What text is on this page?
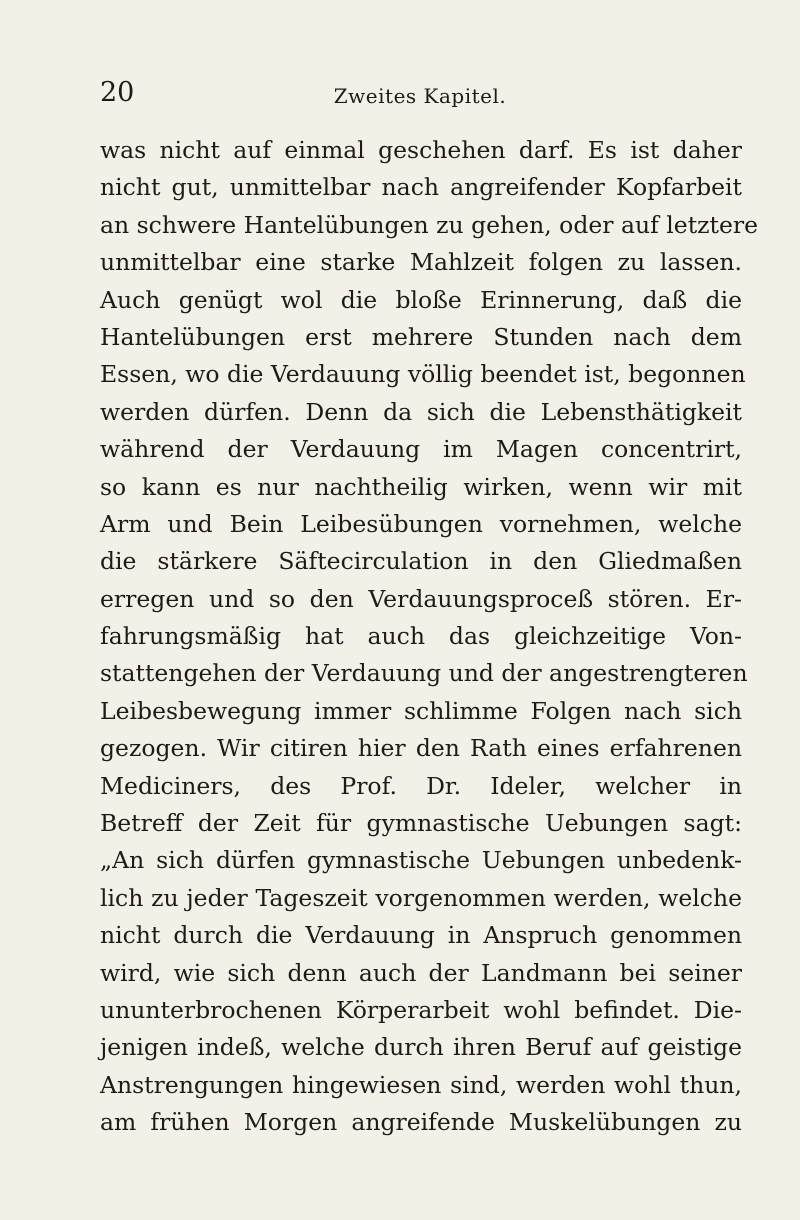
20	Zweites Kapitel.
was nicht auf einmal geschehen darf. Es ist daher
nicht gut, unmittelbar nach angreifender Kopfarbeit
an schwere Hantelübungen zu gehen, oder auf letztere
unmittelbar eine starke Mahlzeit folgen zu lassen.
Auch genügt wol die bloße Erinnerung, daß die
Hantelübungen erst mehrere Stunden nach dem
Essen, wo die Verdauung völlig beendet ist, begonnen
werden dürfen. Denn da sich die Lebensthätigkeit
während der Verdauung im Magen concentrirt,
so kann es nur nachtheilig wirken, wenn wir mit
Arm und Bein Leibesübungen vornehmen, welche
die stärkere Säftecirculation in den Gliedmaßen
erregen und so den Verdauungsproceß stören. Er-
fahrungsmäßig hat auch das gleichzeitige Von-
stattengehen der Verdauung und der angestrengteren
Leibesbewegung immer schlimme Folgen nach sich
gezogen. Wir citiren hier den Rath eines erfahrenen
Mediciners, des Prof. Dr. Ideler, welcher in
Betreff der Zeit für gymnastische Uebungen sagt:
„An sich dürfen gymnastische Uebungen unbedenk-
lich zu jeder Tageszeit vorgenommen werden, welche
nicht durch die Verdauung in Anspruch genommen
wird, wie sich denn auch der Landmann bei seiner
ununterbrochenen Körperarbeit wohl befindet. Die-
jenigen indeß, welche durch ihren Beruf auf geistige
Anstrengungen hingewiesen sind, werden wohl thun,
am frühen Morgen angreifende Muskelübungen zu
